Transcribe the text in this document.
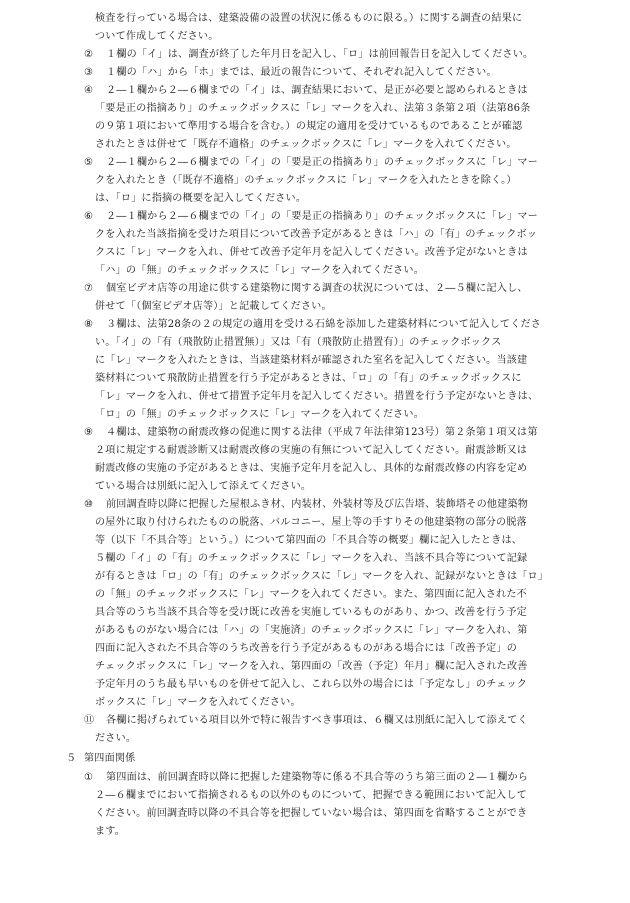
検査を行っている場合は、建築設備の設置の状況に係るものに限る。）に関する調査の結果に
ついて作成してください。
② １欄の「イ」は、調査が終了した年月日を記入し、「ロ」は前回報告日を記入してください。
③ １欄の「ハ」から「ホ」までは、最近の報告について、それぞれ記入してください。
④ ２―１欄から２―６欄までの「イ」は、調査結果において、是正が必要と認められるときは
「要是正の指摘あり」のチェックボックスに「レ」マークを入れ、法第３条第２項（法第86条
の９第１項において準用する場合を含む。）の規定の適用を受けているものであることが確認
されたときは併せて「既存不適格」のチェックボックスに「レ」マークを入れてください。
⑤ ２―１欄から２―６欄までの「イ」の「要是正の指摘あり」のチェックボックスに「レ」マー
クを入れたとき（「既存不適格」のチェックボックスに「レ」マークを入れたときを除く。）
は、「ロ」に指摘の概要を記入してください。
⑥ ２―１欄から２―６欄までの「イ」の「要是正の指摘あり」のチェックボックスに「レ」マー
クを入れた当該指摘を受けた項目について改善予定があるときは「ハ」の「有」のチェックボッ
クスに「レ」マークを入れ、併せて改善予定年月を記入してください。改善予定がないときは
「ハ」の「無」のチェックボックスに「レ」マークを入れてください。
⑦ 個室ビデオ店等の用途に供する建築物に関する調査の状況については、２―５欄に記入し、
併せて「（個室ビデオ店等）」と記載してください。
⑧ ３欄は、法第28条の２の規定の適用を受ける石綿を添加した建築材料について記入してくださ
い。「イ」の「有（飛散防止措置無）」又は「有（飛散防止措置有）」のチェックボックス
に「レ」マークを入れたときは、当該建築材料が確認された室名を記入してください。当該建
築材料について飛散防止措置を行う予定があるときは、「ロ」の「有」のチェックボックスに
「レ」マークを入れ、併せて措置予定年月を記入してください。措置を行う予定がないときは、
「ロ」の「無」のチェックボックスに「レ」マークを入れてください。
⑨ ４欄は、建築物の耐震改修の促進に関する法律（平成７年法律第123号）第２条第１項又は第
２項に規定する耐震診断又は耐震改修の実施の有無について記入してください。耐震診断又は
耐震改修の実施の予定があるときは、実施予定年月を記入し、具体的な耐震改修の内容を定め
ている場合は別紙に記入して添えてください。
⑩ 前回調査時以降に把握した屋根ふき材、内装材、外装材等及び広告塔、装飾塔その他建築物
の屋外に取り付けられたものの脱落、バルコニー、屋上等の手すりその他建築物の部分の脱落
等（以下「不具合等」という。）について第四面の「不具合等の概要」欄に記入したときは、
５欄の「イ」の「有」のチェックボックスに「レ」マークを入れ、当該不具合等について記録
が有るときは「ロ」の「有」のチェックボックスに「レ」マークを入れ、記録がないときは「ロ」
の「無」のチェックボックスに「レ」マークを入れてください。また、第四面に記入された不
具合等のうち当該不具合等を受け既に改善を実施しているものがあり、かつ、改善を行う予定
があるものがない場合には「ハ」の「実施済」のチェックボックスに「レ」マークを入れ、第
四面に記入された不具合等のうち改善を行う予定があるものがある場合には「改善予定」の
チェックボックスに「レ」マークを入れ、第四面の「改善（予定）年月」欄に記入された改善
予定年月のうち最も早いものを併せて記入し、これら以外の場合には「予定なし」のチェック
ボックスに「レ」マークを入れてください。
⑪ 各欄に掲げられている項目以外で特に報告すべき事項は、６欄又は別紙に記入して添えてく
ださい。
５ 第四面関係
① 第四面は、前回調査時以降に把握した建築物等に係る不具合等のうち第三面の２―１欄から
２―６欄までにおいて指摘されるもの以外のものについて、把握できる範囲において記入して
ください。前回調査時以降の不具合等を把握していない場合は、第四面を省略することができ
ます。
